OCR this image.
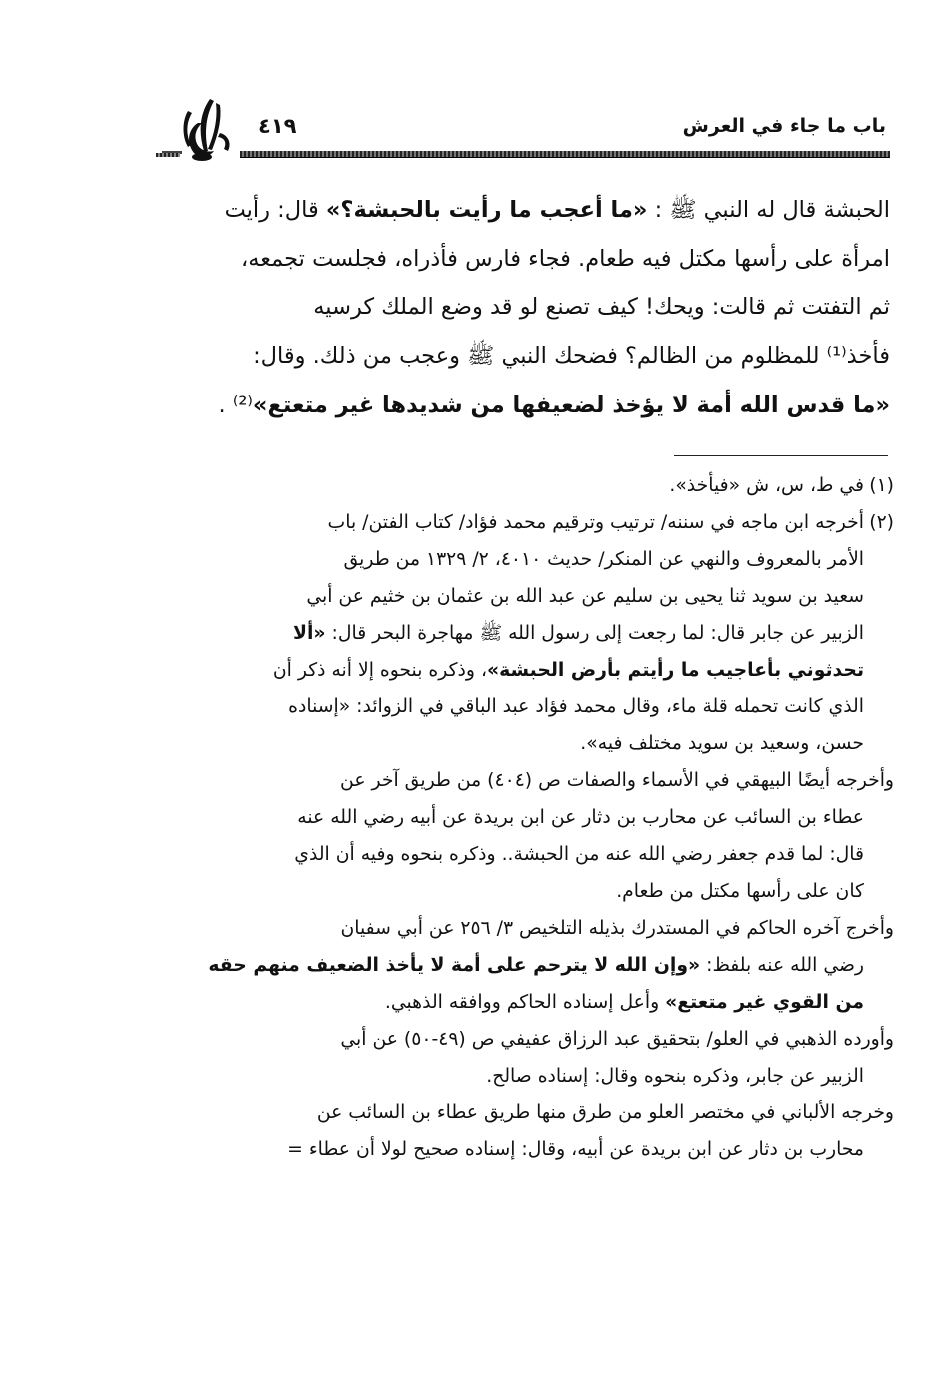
باب ما جاء في العرش
٤١٩
الحبشة قال له النبي ﷺ : «ما أعجب ما رأيت بالحبشة؟» قال: رأيت
امرأة على رأسها مكتل فيه طعام. فجاء فارس فأذراه، فجلست تجمعه،
ثم التفتت ثم قالت: ويحك! كيف تصنع لو قد وضع الملك كرسيه
فأخذ⁽¹⁾ للمظلوم من الظالم؟ فضحك النبي ﷺ وعجب من ذلك. وقال:
«ما قدس الله أمة لا يؤخذ لضعيفها من شديدها غير متعتع»⁽²⁾ .
(١)في ط، س، ش «فيأخذ».
(٢)أخرجه ابن ماجه في سننه/ ترتيب وترقيم محمد فؤاد/ كتاب الفتن/ باب
الأمر بالمعروف والنهي عن المنكر/ حديث ٤٠١٠، ٢/ ١٣٢٩ من طريق
سعيد بن سويد ثنا يحيى بن سليم عن عبد الله بن عثمان بن خثيم عن أبي
الزبير عن جابر قال: لما رجعت إلى رسول الله ﷺ مهاجرة البحر قال: «ألا
تحدثوني بأعاجيب ما رأيتم بأرض الحبشة»، وذكره بنحوه إلا أنه ذكر أن
الذي كانت تحمله قلة ماء، وقال محمد فؤاد عبد الباقي في الزوائد: «إسناده
حسن، وسعيد بن سويد مختلف فيه».
وأخرجه أيضًا البيهقي في الأسماء والصفات ص (٤٠٤) من طريق آخر عن
عطاء بن السائب عن محارب بن دثار عن ابن بريدة عن أبيه رضي الله عنه
قال: لما قدم جعفر رضي الله عنه من الحبشة.. وذكره بنحوه وفيه أن الذي
كان على رأسها مكتل من طعام.
وأخرج آخره الحاكم في المستدرك بذيله التلخيص ٣/ ٢٥٦ عن أبي سفيان
رضي الله عنه بلفظ: «وإن الله لا يترحم على أمة لا يأخذ الضعيف منهم حقه
من القوي غير متعتع» وأعل إسناده الحاكم ووافقه الذهبي.
وأورده الذهبي في العلو/ بتحقيق عبد الرزاق عفيفي ص (٤٩-٥٠) عن أبي
الزبير عن جابر، وذكره بنحوه وقال: إسناده صالح.
وخرجه الألباني في مختصر العلو من طرق منها طريق عطاء بن السائب عن
محارب بن دثار عن ابن بريدة عن أبيه، وقال: إسناده صحيح لولا أن عطاء =
